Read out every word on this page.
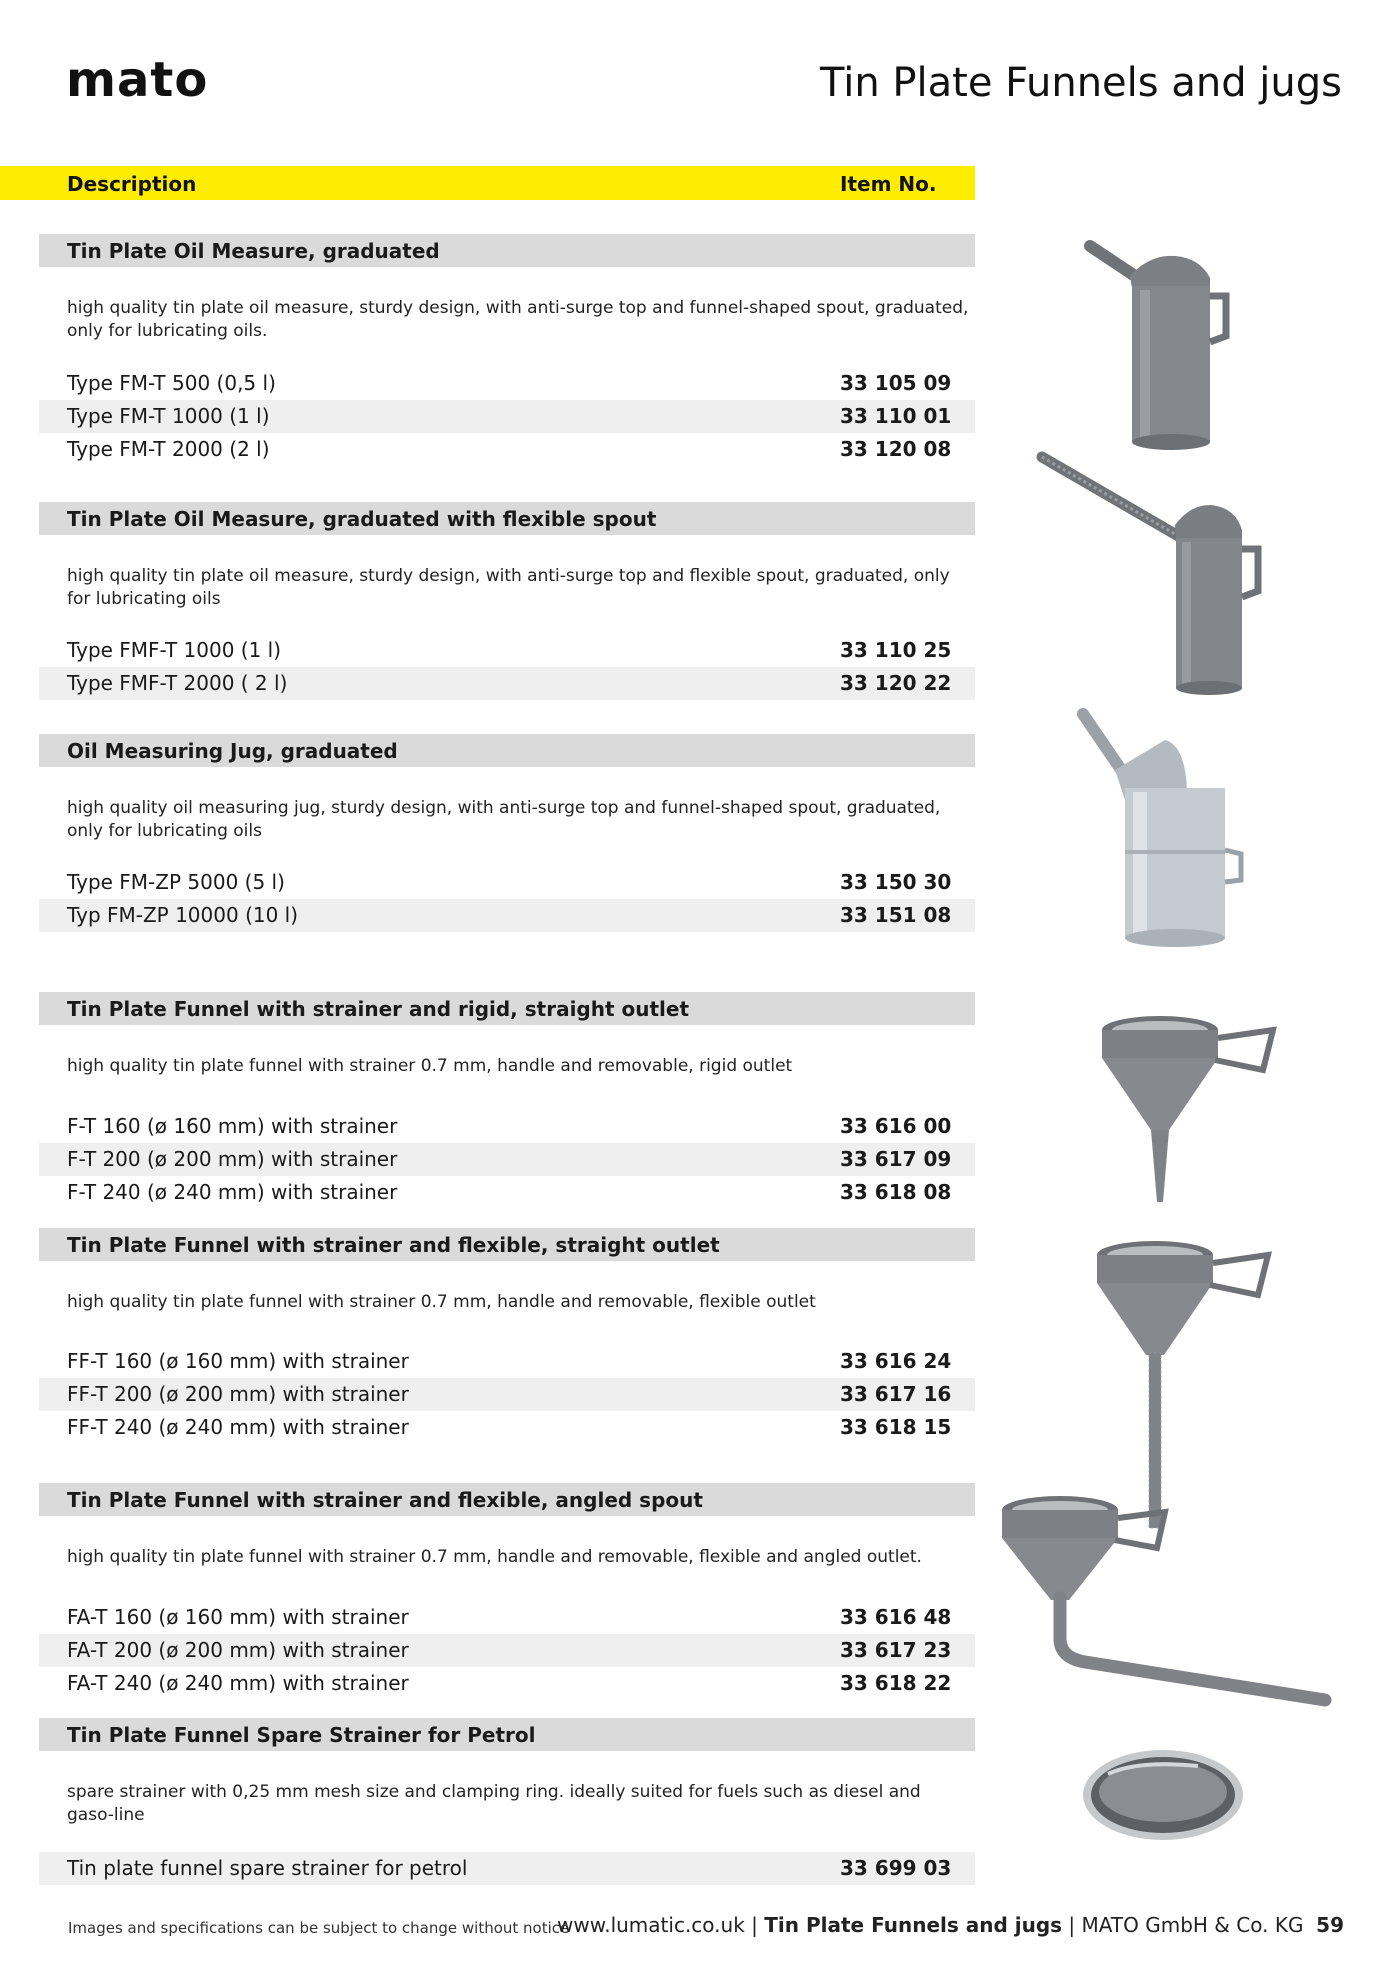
mato	Tin Plate Funnels and jugs
Description	Item No.
Tin Plate Oil Measure, graduated
high quality tin plate oil measure, sturdy design, with anti-surge top and funnel-shaped spout, graduated, only for lubricating oils.
Type FM-T 500 (0,5 l)	33 105 09
Type FM-T 1000 (1 l)	33 110 01
Type FM-T 2000 (2 l)	33 120 08
Tin Plate Oil Measure, graduated with flexible spout
high quality tin plate oil measure, sturdy design, with anti-surge top and flexible spout, graduated, only for lubricating oils
Type FMF-T 1000 (1 l)	33 110 25
Type FMF-T 2000 ( 2 l)	33 120 22
Oil Measuring Jug, graduated
high quality oil measuring jug, sturdy design, with anti-surge top and funnel-shaped spout, graduated, only for lubricating oils
Type FM-ZP 5000 (5 l)	33 150 30
Typ FM-ZP 10000 (10 l)	33 151 08
Tin Plate Funnel with strainer and rigid, straight outlet
high quality tin plate funnel with strainer 0.7 mm, handle and removable, rigid outlet
F-T 160 (ø 160 mm) with strainer	33 616 00
F-T 200 (ø 200 mm) with strainer	33 617 09
F-T 240 (ø 240 mm) with strainer	33 618 08
Tin Plate Funnel with strainer and flexible, straight outlet
high quality tin plate funnel with strainer 0.7 mm, handle and removable, flexible outlet
FF-T 160 (ø 160 mm) with strainer	33 616 24
FF-T 200 (ø 200 mm) with strainer	33 617 16
FF-T 240 (ø 240 mm) with strainer	33 618 15
Tin Plate Funnel with strainer and flexible, angled spout
high quality tin plate funnel with strainer 0.7 mm, handle and removable, flexible and angled outlet.
FA-T 160 (ø 160 mm) with strainer	33 616 48
FA-T 200 (ø 200 mm) with strainer	33 617 23
FA-T 240 (ø 240 mm) with strainer	33 618 22
Tin Plate Funnel Spare Strainer for Petrol
spare strainer with 0,25 mm mesh size and clamping ring. ideally suited for fuels such as diesel and gaso-line
Tin plate funnel spare strainer for petrol	33 699 03
Images and specifications can be subject to change without notice
www.lumatic.co.uk | Tin Plate Funnels and jugs | MATO GmbH & Co. KG 59
